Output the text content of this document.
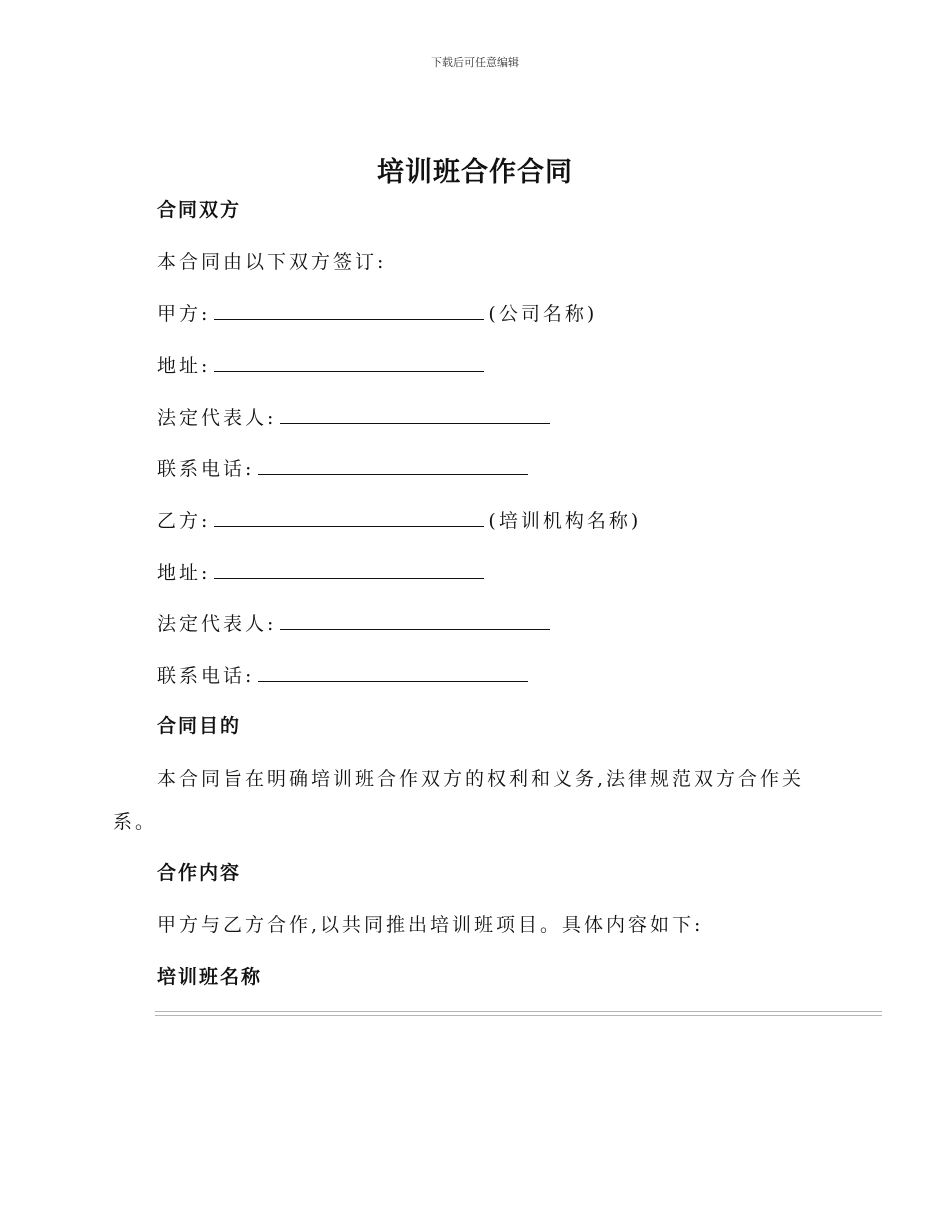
下载后可任意编辑
培训班合作合同
合同双方
本合同由以下双方签订:
甲方:	(公司名称)
地址:
法定代表人:
联系电话:
乙方:	(培训机构名称)
地址:
法定代表人:
联系电话:
合同目的
本合同旨在明确培训班合作双方的权利和义务,法律规范双方合作关
系。
合作内容
甲方与乙方合作,以共同推出培训班项目。具体内容如下:
培训班名称
